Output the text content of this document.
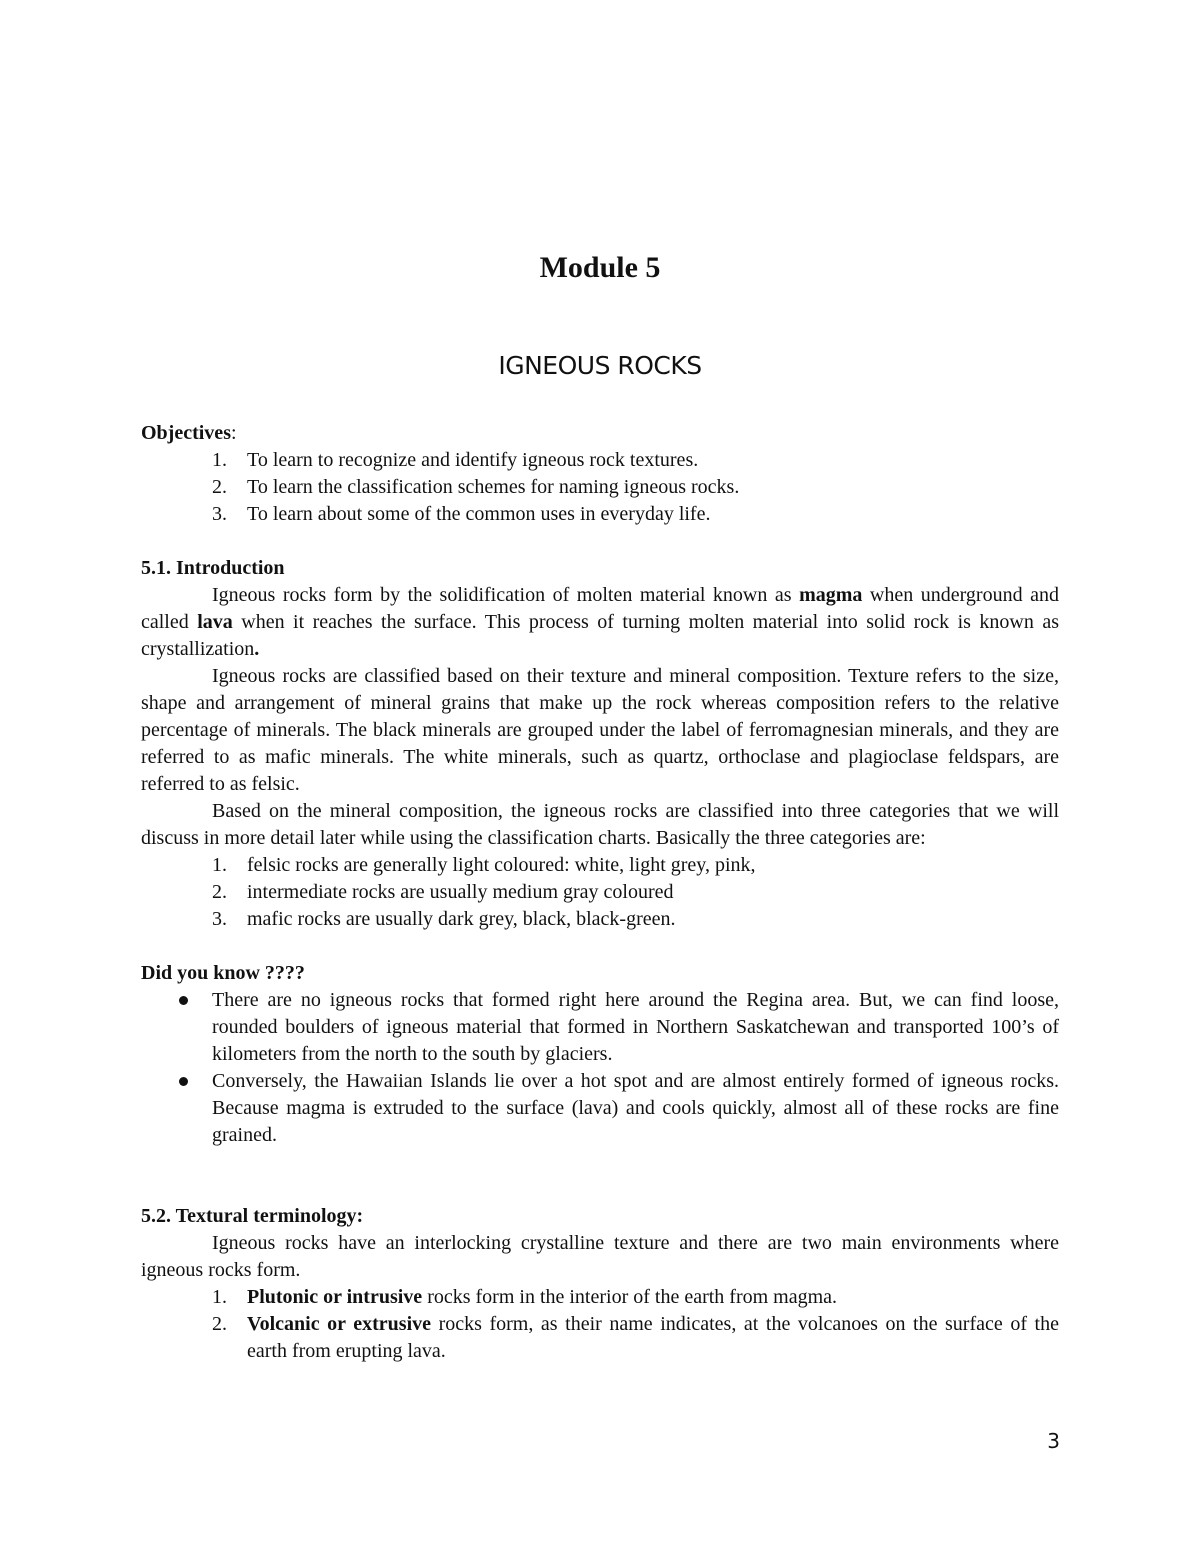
Module 5
IGNEOUS ROCKS
Objectives:
1. To learn to recognize and identify igneous rock textures.
2. To learn the classification schemes for naming igneous rocks.
3. To learn about some of the common uses in everyday life.
5.1. Introduction

Igneous rocks form by the solidification of molten material known as magma when underground and called lava when it reaches the surface. This process of turning molten material into solid rock is known as crystallization.

Igneous rocks are classified based on their texture and mineral composition. Texture refers to the size, shape and arrangement of mineral grains that make up the rock whereas composition refers to the relative percentage of minerals. The black minerals are grouped under the label of ferromagnesian minerals, and they are referred to as mafic minerals. The white minerals, such as quartz, orthoclase and plagioclase feldspars, are referred to as felsic.

Based on the mineral composition, the igneous rocks are classified into three categories that we will discuss in more detail later while using the classification charts. Basically the three categories are:

1. felsic rocks are generally light coloured: white, light grey, pink,
2. intermediate rocks are usually medium gray coloured
3. mafic rocks are usually dark grey, black, black-green.
Did you know ????
There are no igneous rocks that formed right here around the Regina area. But, we can find loose, rounded boulders of igneous material that formed in Northern Saskatchewan and transported 100’s of kilometers from the north to the south by glaciers.
Conversely, the Hawaiian Islands lie over a hot spot and are almost entirely formed of igneous rocks. Because magma is extruded to the surface (lava) and cools quickly, almost all of these rocks are fine grained.
5.2. Textural terminology:

Igneous rocks have an interlocking crystalline texture and there are two main environments where igneous rocks form.

1. Plutonic or intrusive rocks form in the interior of the earth from magma.
2. Volcanic or extrusive rocks form, as their name indicates, at the volcanoes on the surface of the earth from erupting lava.
3
